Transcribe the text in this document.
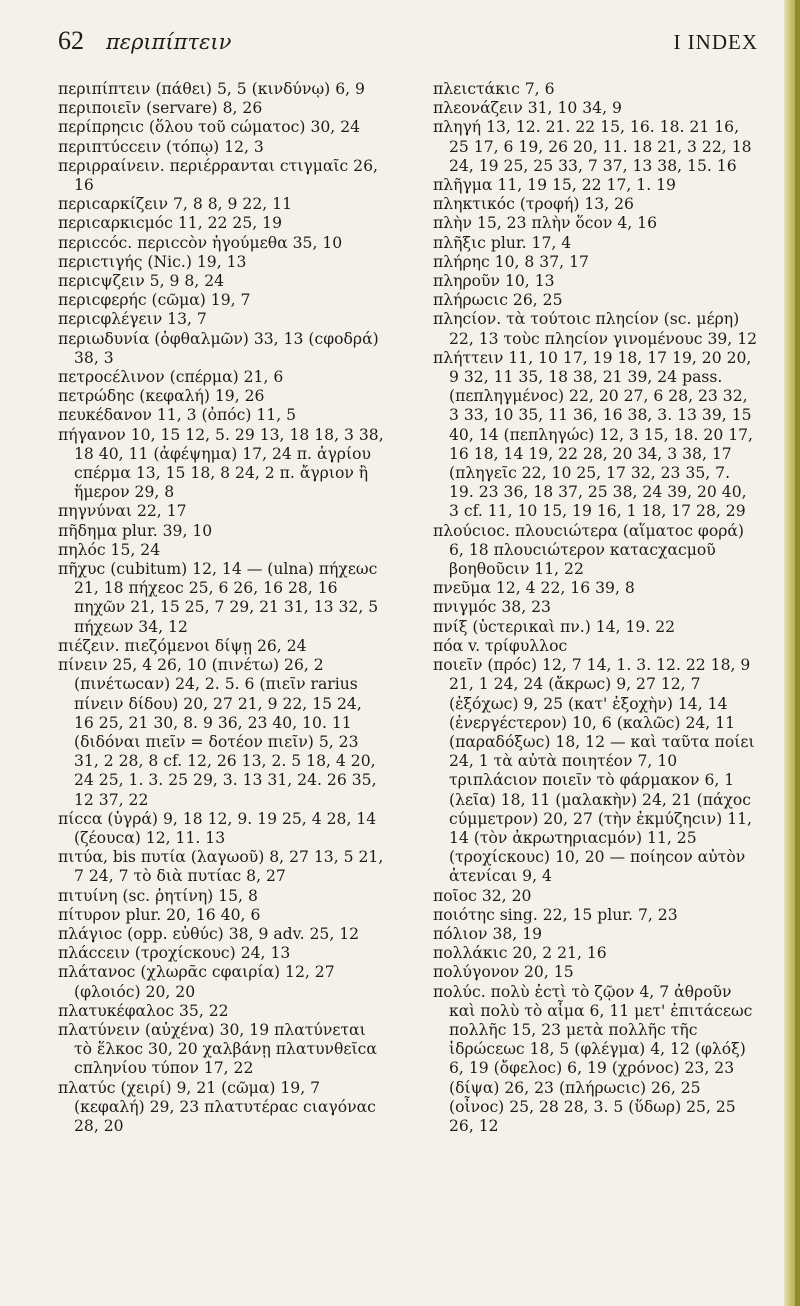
62 περιπίπτειν	I INDEX

περιπίπτειν (πάθει) 5, 5 (κινδύνῳ) 6, 9

περιποιεῖν (servare) 8, 26

περίπρηcιc (ὅλου τοῦ cώματοc) 30, 24

περιπτύccειν (τόπῳ) 12, 3

περιρραίνειν. περιέρρανται cτιγμαῖc 26, 16

περιcαρκίζειν 7, 8 8, 9 22, 11

περιcαρκιcμόc 11, 22 25, 19

περιccόc. περιccὸν ἡγούμεθα 35, 10

περιcτιγής (Nic.) 19, 13

περιcψζειν 5, 9 8, 24

περιcφερήc (cῶμα) 19, 7

περιcφλέγειν 13, 7

περιωδυνία (ὀφθαλμῶν) 33, 13 (cφοδρά) 38, 3

πετροcέλινον (cπέρμα) 21, 6

πετρώδηc (κεφαλή) 19, 26

πευκέδανον 11, 3 (ὀπόc) 11, 5

πήγανον 10, 15 12, 5. 29 13, 18 18, 3 38, 18 40, 11 (ἀφέψημα) 17, 24 π. ἀγρίου cπέρμα 13, 15 18, 8 24, 2 π. ἄγριον ἢ ἥμερον 29, 8

πηγνύναι 22, 17

πῆδημα plur. 39, 10

πηλόc 15, 24

πῆχυc (cubitum) 12, 14 — (ulna) πήχεωc 21, 18 πήχεοc 25, 6 26, 16 28, 16 πηχῶν 21, 15 25, 7 29, 21 31, 13 32, 5 πήχεων 34, 12

πιέζειν. πιεζόμενοι δίψῃ 26, 24

πίνειν 25, 4 26, 10 (πινέτω) 26, 2 (πινέτωcαν) 24, 2. 5. 6 (πιεῖν rarius πίνειν δίδου) 20, 27 21, 9 22, 15 24, 16 25, 21 30, 8. 9 36, 23 40, 10. 11 (διδόναι πιεῖν = δοτέον πιεῖν) 5, 23 31, 2 28, 8 cf. 12, 26 13, 2. 5 18, 4 20, 24 25, 1. 3. 25 29, 3. 13 31, 24. 26 35, 12 37, 22

πίccα (ὑγρά) 9, 18 12, 9. 19 25, 4 28, 14 (ζέουcα) 12, 11. 13

πιτύα, bis πυτία (λαγωοῦ) 8, 27 13, 5 21, 7 24, 7 τὸ διὰ πυτίαc 8, 27

πιτυίνη (sc. ῥητίνη) 15, 8

πίτυρον plur. 20, 16 40, 6

πλάγιοc (opp. εὐθύc) 38, 9 adv. 25, 12

πλάccειν (τροχίcκουc) 24, 13

πλάτανοc (χλωρᾶc cφαιρία) 12, 27 (φλοιόc) 20, 20

πλατυκέφαλοc 35, 22

πλατύνειν (αὐχένα) 30, 19 πλατύνεται τὸ ἕλκοc 30, 20 χαλβάνῃ πλατυνθεῖcα cπληνίου τύπον 17, 22

πλατύc (χειρί) 9, 21 (cῶμα) 19, 7 (κεφαλή) 29, 23 πλατυτέραc cιαγόναc 28, 20

πλειcτάκιc 7, 6

πλεονάζειν 31, 10 34, 9

πληγή 13, 12. 21. 22 15, 16. 18. 21 16, 25 17, 6 19, 26 20, 11. 18 21, 3 22, 18 24, 19 25, 25 33, 7 37, 13 38, 15. 16

πλῆγμα 11, 19 15, 22 17, 1. 19

πληκτικόc (τροφή) 13, 26

πλὴν 15, 23 πλὴν ὅcον 4, 16

πλῆξιc plur. 17, 4

πλήρηc 10, 8 37, 17

πληροῦν 10, 13

πλήρωcιc 26, 25

πληcίον. τὰ τούτοιc πληcίον (sc. μέρη) 22, 13 τοὺc πληcίον γινομένουc 39, 12

πλήττειν 11, 10 17, 19 18, 17 19, 20 20, 9 32, 11 35, 18 38, 21 39, 24 pass. (πεπληγμένοc) 22, 20 27, 6 28, 23 32, 3 33, 10 35, 11 36, 16 38, 3. 13 39, 15 40, 14 (πεπληγώc) 12, 3 15, 18. 20 17, 16 18, 14 19, 22 28, 20 34, 3 38, 17 (πληγεῖc 22, 10 25, 17 32, 23 35, 7. 19. 23 36, 18 37, 25 38, 24 39, 20 40, 3 cf. 11, 10 15, 19 16, 1 18, 17 28, 29

πλούcιοc. πλουcιώτερα (αἵματοc φορά) 6, 18 πλουcιώτερον καταcχαcμοῦ βοηθοῦcιν 11, 22

πνεῦμα 12, 4 22, 16 39, 8

πνιγμόc 38, 23

πνίξ (ὑcτερικαὶ πν.) 14, 19. 22

πόα v. τρίφυλλοc

ποιεῖν (πρόc) 12, 7 14, 1. 3. 12. 22 18, 9 21, 1 24, 24 (ἄκρωc) 9, 27 12, 7 (ἐξόχωc) 9, 25 (κατ' ἐξοχὴν) 14, 14 (ἐνεργέcτερον) 10, 6 (καλῶc) 24, 11 (παραδόξωc) 18, 12 — καὶ ταῦτα ποίει 24, 1 τὰ αὐτὰ ποιητέον 7, 10 τριπλάcιον ποιεῖν τὸ φάρμακον 6, 1 (λεῖα) 18, 11 (μαλακὴν) 24, 21 (πάχοc cύμμετρον) 20, 27 (τὴν ἐκμύζηcιν) 11, 14 (τὸν ἀκρωτηριαcμόν) 11, 25 (τροχίcκουc) 10, 20 — ποίηcον αὐτὸν ἀτενίcαι 9, 4

ποῖοc 32, 20

ποιότηc sing. 22, 15 plur. 7, 23

πόλιον 38, 19

πολλάκιc 20, 2 21, 16

πολύγονον 20, 15

πολύc. πολὺ ἐcτὶ τὸ ζῷον 4, 7 ἀθροῦν καὶ πολὺ τὸ αἷμα 6, 11 μετ' ἐπιτάcεωc πολλῆc 15, 23 μετὰ πολλῆc τῆc ἱδρώcεωc 18, 5 (φλέγμα) 4, 12 (φλόξ) 6, 19 (ὄφελοc) 6, 19 (χρόνοc) 23, 23 (δίψα) 26, 23 (πλήρωcιc) 26, 25 (οἶνοc) 25, 28 28, 3. 5 (ὕδωρ) 25, 25 26, 12
